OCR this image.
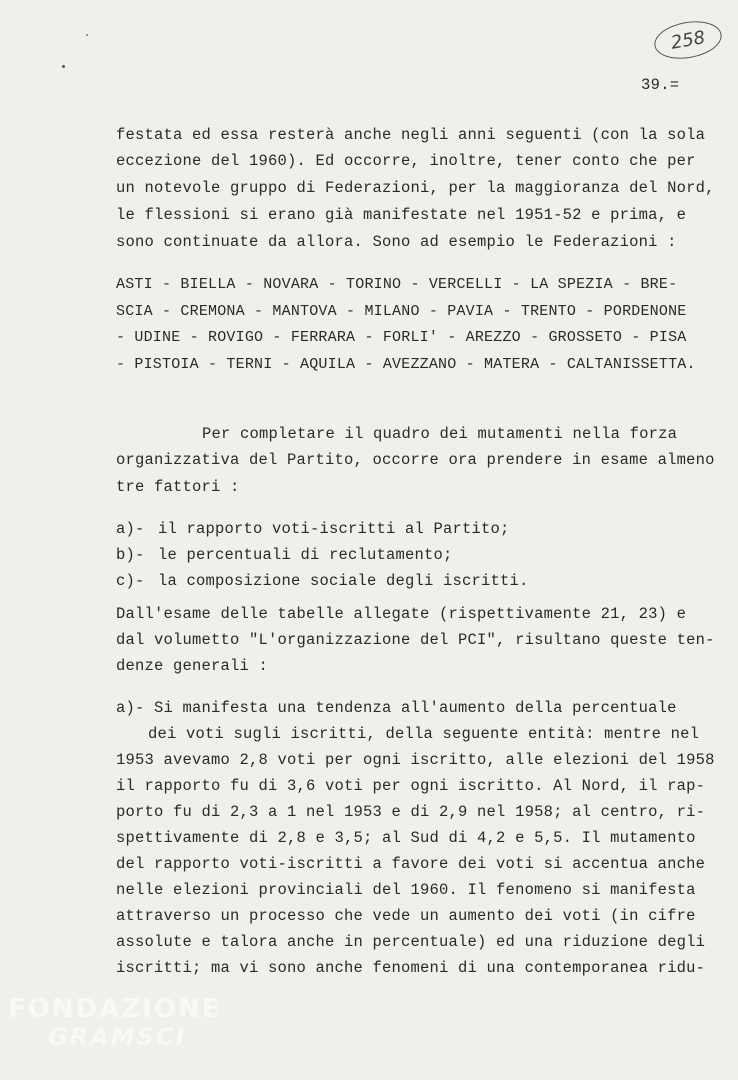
258
39.=
festata ed essa resterà anche negli anni seguenti (con la sola
eccezione del 1960). Ed occorre, inoltre, tener conto che per
un notevole gruppo di Federazioni, per la maggioranza del Nord,
le flessioni si erano già manifestate nel 1951-52 e prima, e
sono continuate da allora. Sono ad esempio le Federazioni :
ASTI - BIELLA - NOVARA - TORINO - VERCELLI - LA SPEZIA - BRE-
SCIA - CREMONA - MANTOVA - MILANO - PAVIA - TRENTO - PORDENONE
- UDINE - ROVIGO - FERRARA - FORLI' - AREZZO - GROSSETO - PISA
- PISTOIA - TERNI - AQUILA - AVEZZANO - MATERA - CALTANISSETTA.
Per completare il quadro dei mutamenti nella forza
organizzativa del Partito, occorre ora prendere in esame almeno
tre fattori :
a)- il rapporto voti-iscritti al Partito;
b)- le percentuali di reclutamento;
c)- la composizione sociale degli iscritti.
Dall'esame delle tabelle allegate (rispettivamente 21, 23) e
dal volumetto "L'organizzazione del PCI", risultano queste ten-
denze generali :
a)- Si manifesta una tendenza all'aumento della percentuale
dei voti sugli iscritti, della seguente entità: mentre nel
1953 avevamo 2,8 voti per ogni iscritto, alle elezioni del 1958
il rapporto fu di 3,6 voti per ogni iscritto. Al Nord, il rap-
porto fu di 2,3 a 1 nel 1953 e di 2,9 nel 1958; al centro, ri-
spettivamente di 2,8 e 3,5; al Sud di 4,2 e 5,5. Il mutamento
del rapporto voti-iscritti a favore dei voti si accentua anche
nelle elezioni provinciali del 1960. Il fenomeno si manifesta
attraverso un processo che vede un aumento dei voti (in cifre
assolute e talora anche in percentuale) ed una riduzione degli
iscritti; ma vi sono anche fenomeni di una contemporanea ridu-
FONDAZIONE
GRAMSCI
